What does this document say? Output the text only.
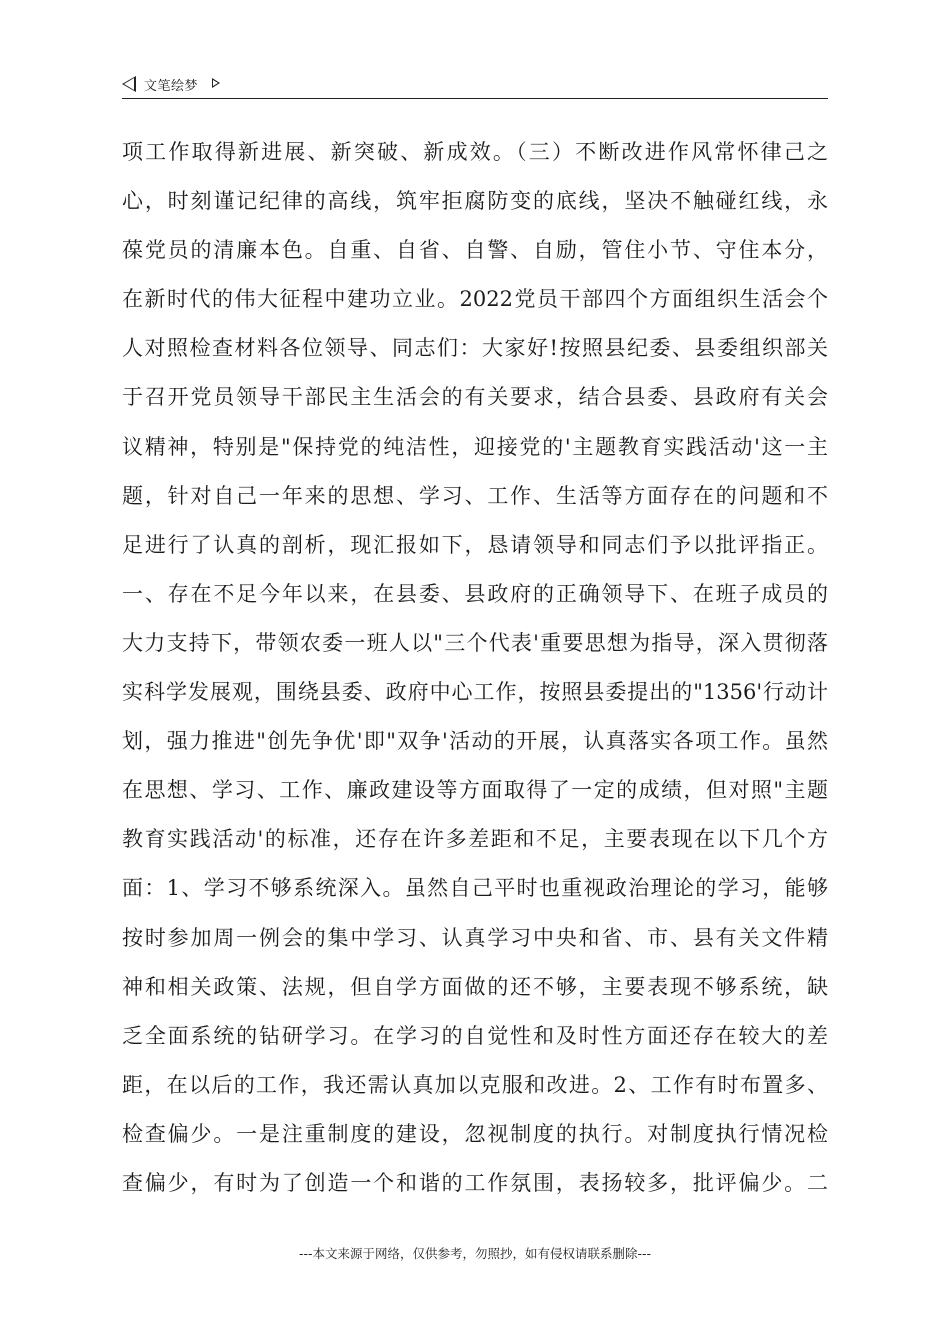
文笔绘梦
项工作取得新进展、新突破、新成效。（三）不断改进作风常怀律己之
心，时刻谨记纪律的高线，筑牢拒腐防变的底线，坚决不触碰红线，永
葆党员的清廉本色。自重、自省、自警、自励，管住小节、守住本分，
在新时代的伟大征程中建功立业。2022党员干部四个方面组织生活会个
人对照检查材料各位领导、同志们：大家好!按照县纪委、县委组织部关
于召开党员领导干部民主生活会的有关要求，结合县委、县政府有关会
议精神，特别是"保持党的纯洁性，迎接党的'主题教育实践活动'这一主
题，针对自己一年来的思想、学习、工作、生活等方面存在的问题和不
足进行了认真的剖析，现汇报如下，恳请领导和同志们予以批评指正。
一、存在不足今年以来，在县委、县政府的正确领导下、在班子成员的
大力支持下，带领农委一班人以"三个代表'重要思想为指导，深入贯彻落
实科学发展观，围绕县委、政府中心工作，按照县委提出的"1356'行动计
划，强力推进"创先争优'即"双争'活动的开展，认真落实各项工作。虽然
在思想、学习、工作、廉政建设等方面取得了一定的成绩，但对照"主题
教育实践活动'的标准，还存在许多差距和不足，主要表现在以下几个方
面：1、学习不够系统深入。虽然自己平时也重视政治理论的学习，能够
按时参加周一例会的集中学习、认真学习中央和省、市、县有关文件精
神和相关政策、法规，但自学方面做的还不够，主要表现不够系统，缺
乏全面系统的钻研学习。在学习的自觉性和及时性方面还存在较大的差
距，在以后的工作，我还需认真加以克服和改进。2、工作有时布置多、
检查偏少。一是注重制度的建设，忽视制度的执行。对制度执行情况检
查偏少，有时为了创造一个和谐的工作氛围，表扬较多，批评偏少。二
---本文来源于网络，仅供参考，勿照抄，如有侵权请联系删除---
